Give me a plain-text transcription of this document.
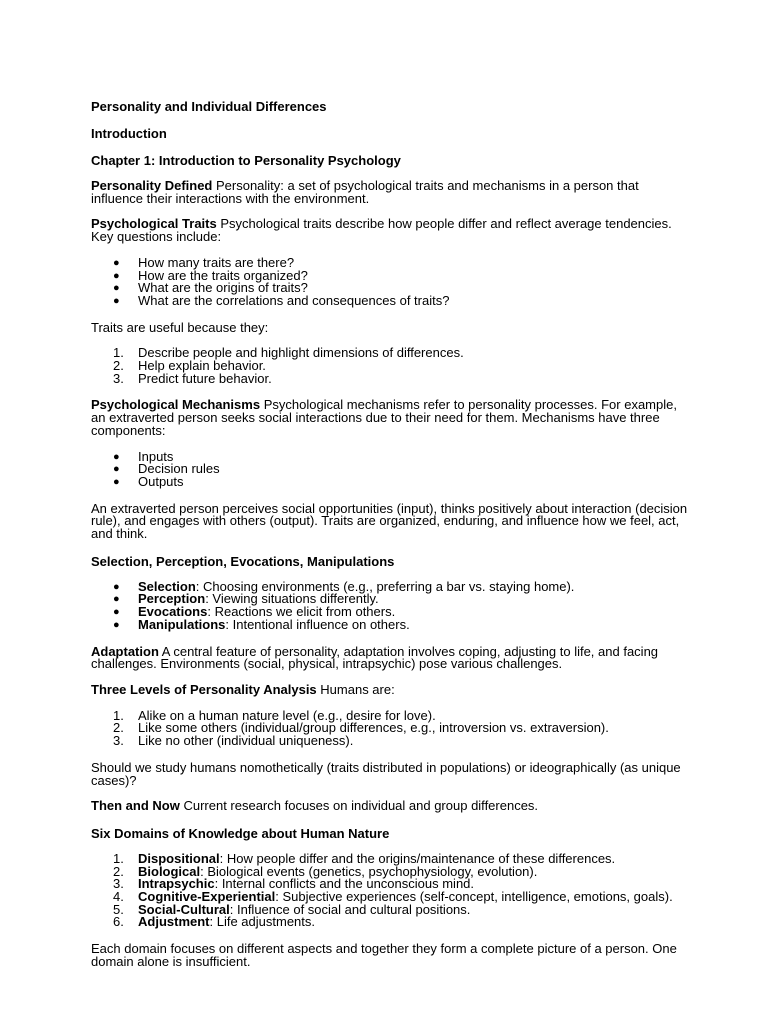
Personality and Individual Differences
Introduction
Chapter 1: Introduction to Personality Psychology
Personality Defined Personality: a set of psychological traits and mechanisms in a person that influence their interactions with the environment.
Psychological Traits Psychological traits describe how people differ and reflect average tendencies. Key questions include:
● How many traits are there?
● How are the traits organized?
● What are the origins of traits?
● What are the correlations and consequences of traits?
Traits are useful because they:
1. Describe people and highlight dimensions of differences.
2. Help explain behavior.
3. Predict future behavior.
Psychological Mechanisms Psychological mechanisms refer to personality processes. For example, an extraverted person seeks social interactions due to their need for them. Mechanisms have three components:
● Inputs
● Decision rules
● Outputs
An extraverted person perceives social opportunities (input), thinks positively about interaction (decision rule), and engages with others (output). Traits are organized, enduring, and influence how we feel, act, and think.
Selection, Perception, Evocations, Manipulations
● Selection: Choosing environments (e.g., preferring a bar vs. staying home).
● Perception: Viewing situations differently.
● Evocations: Reactions we elicit from others.
● Manipulations: Intentional influence on others.
Adaptation A central feature of personality, adaptation involves coping, adjusting to life, and facing challenges. Environments (social, physical, intrapsychic) pose various challenges.
Three Levels of Personality Analysis Humans are:
1. Alike on a human nature level (e.g., desire for love).
2. Like some others (individual/group differences, e.g., introversion vs. extraversion).
3. Like no other (individual uniqueness).
Should we study humans nomothetically (traits distributed in populations) or ideographically (as unique cases)?
Then and Now Current research focuses on individual and group differences.
Six Domains of Knowledge about Human Nature
1. Dispositional: How people differ and the origins/maintenance of these differences.
2. Biological: Biological events (genetics, psychophysiology, evolution).
3. Intrapsychic: Internal conflicts and the unconscious mind.
4. Cognitive-Experiential: Subjective experiences (self-concept, intelligence, emotions, goals).
5. Social-Cultural: Influence of social and cultural positions.
6. Adjustment: Life adjustments.
Each domain focuses on different aspects and together they form a complete picture of a person. One domain alone is insufficient.
